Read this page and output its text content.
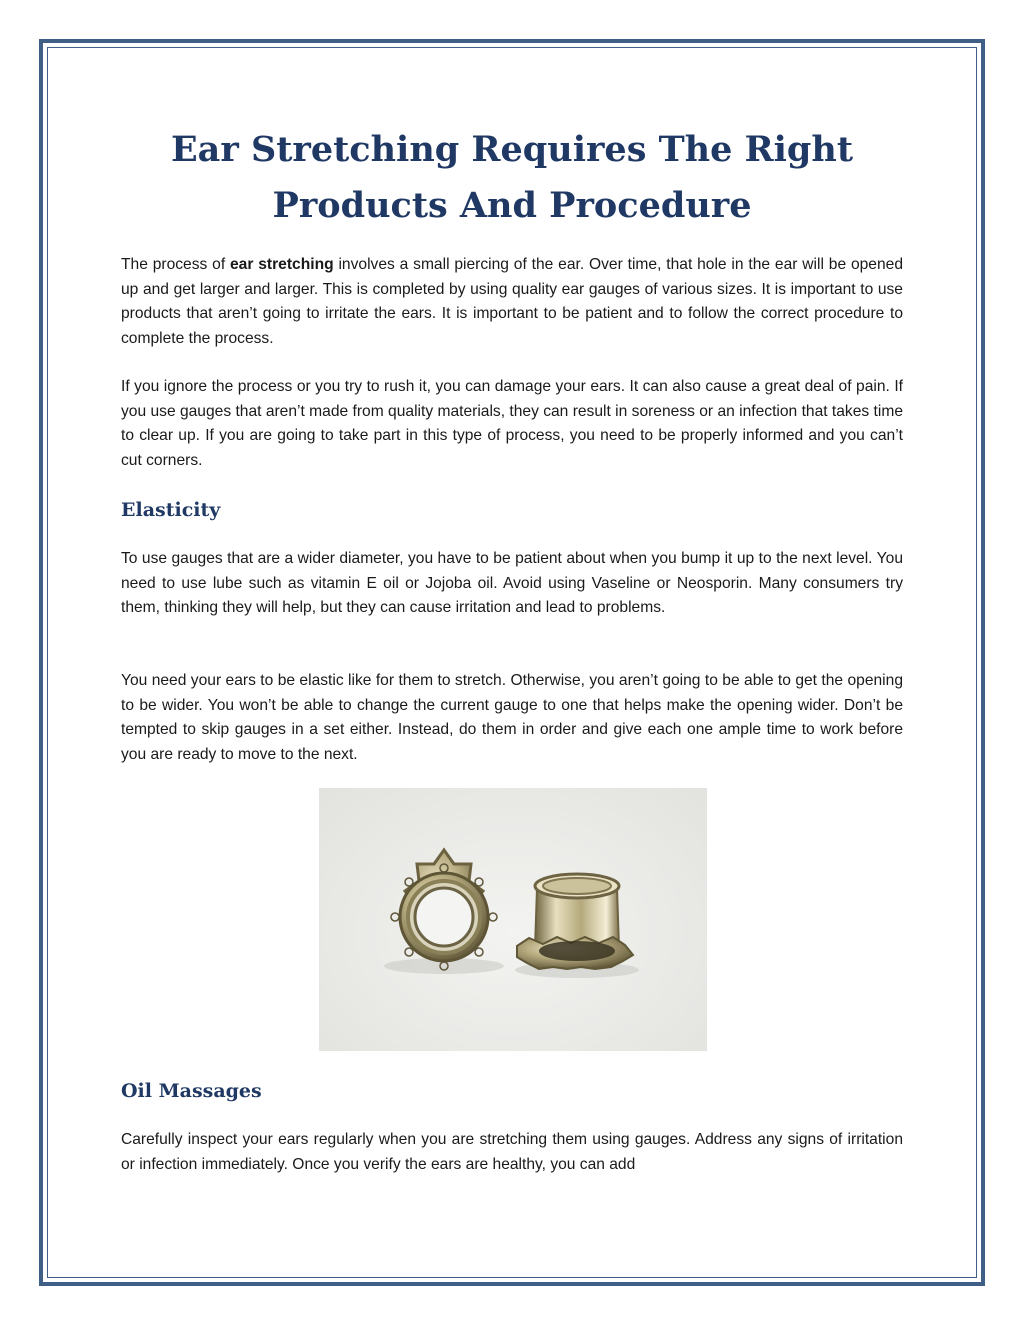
Ear Stretching Requires The Right
Products And Procedure

The process of ear stretching involves a small piercing of the ear. Over time, that hole in the ear will be opened up and get larger and larger. This is completed by using quality ear gauges of various sizes. It is important to use products that aren’t going to irritate the ears. It is important to be patient and to follow the correct procedure to complete the process.

If you ignore the process or you try to rush it, you can damage your ears. It can also cause a great deal of pain. If you use gauges that aren’t made from quality materials, they can result in soreness or an infection that takes time to clear up. If you are going to take part in this type of process, you need to be properly informed and you can’t cut corners.

Elasticity

To use gauges that are a wider diameter, you have to be patient about when you bump it up to the next level. You need to use lube such as vitamin E oil or Jojoba oil. Avoid using Vaseline or Neosporin. Many consumers try them, thinking they will help, but they can cause irritation and lead to problems.

You need your ears to be elastic like for them to stretch. Otherwise, you aren’t going to be able to get the opening to be wider. You won’t be able to change the current gauge to one that helps make the opening wider. Don’t be tempted to skip gauges in a set either. Instead, do them in order and give each one ample time to work before you are ready to move to the next.

Oil Massages

Carefully inspect your ears regularly when you are stretching them using gauges. Address any signs of irritation or infection immediately. Once you verify the ears are healthy, you can add
